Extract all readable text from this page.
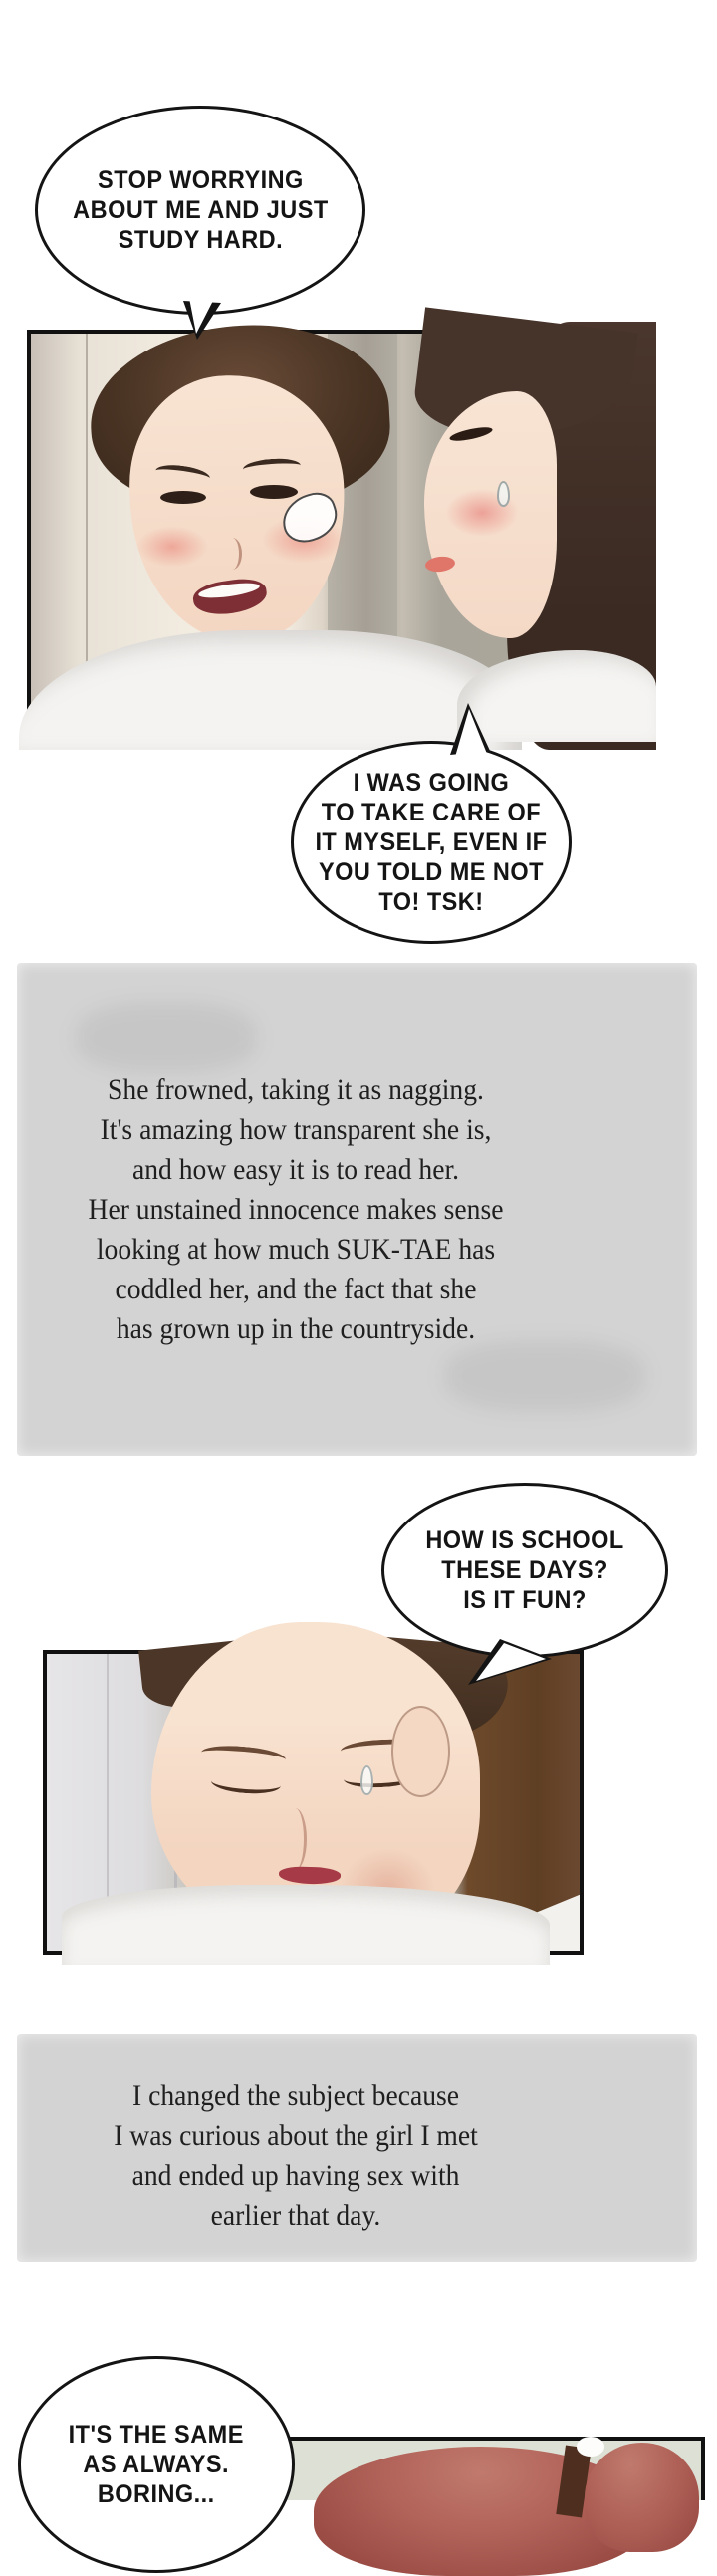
She frowned, taking it as nagging.
It's amazing how transparent she is,
and how easy it is to read her.
Her unstained innocence makes sense
looking at how much SUK-TAE has
coddled her, and the fact that she
has grown up in the countryside.
I changed the subject because
I was curious about the girl I met
and ended up having sex with
earlier that day.
STOP WORRYING
ABOUT ME AND JUST
STUDY HARD.
I WAS GOING
TO TAKE CARE OF
IT MYSELF, EVEN IF
YOU TOLD ME NOT
TO! TSK!
HOW IS SCHOOL
THESE DAYS?
IS IT FUN?
IT'S THE SAME
AS ALWAYS.
BORING...
